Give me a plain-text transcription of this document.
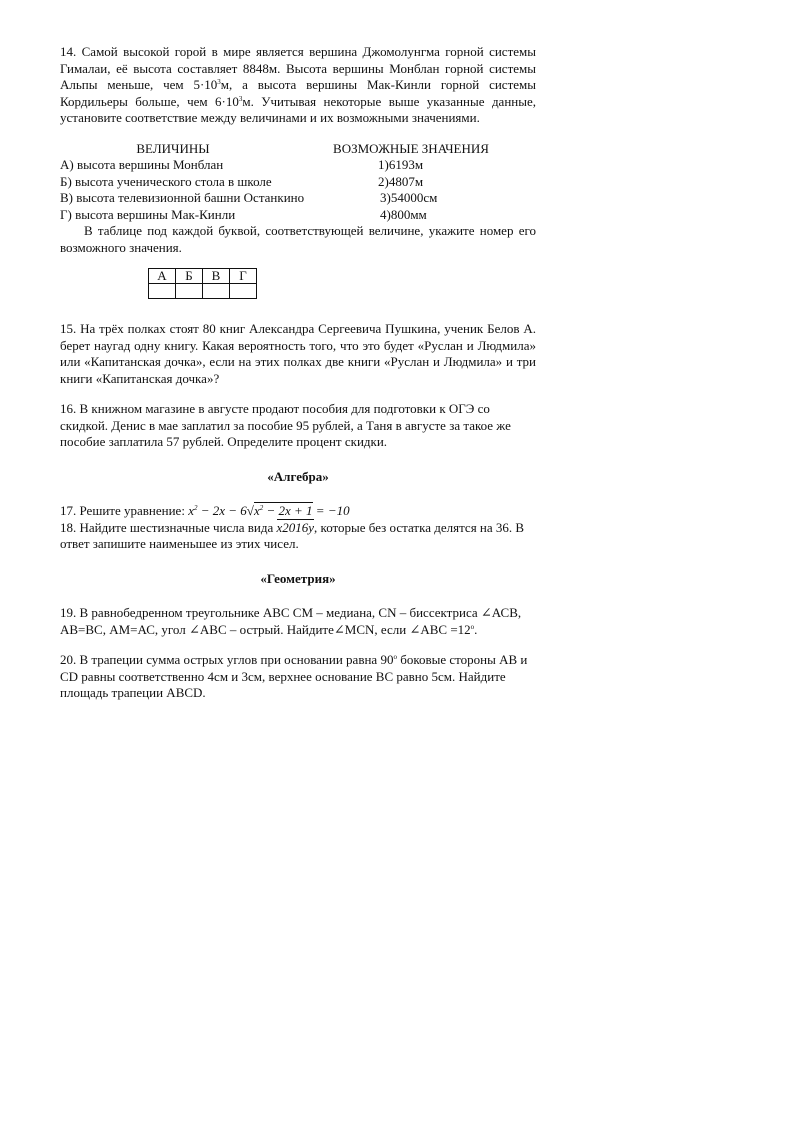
14. Самой высокой горой в мире является вершина Джомолунгма горной системы Гималаи, её высота составляет 8848м. Высота вершины Монблан горной системы Альпы меньше, чем $5\cdot 10^3м$, а высота вершины Мак-Кинли горной системы Кордильеры больше, чем $6\cdot 10^3м$. Учитывая некоторые выше указанные данные, установите соответствие между величинами и их возможными значениями.

ВЕЛИЧИНЫ	ВОЗМОЖНЫЕ ЗНАЧЕНИЯ
А) высота вершины Монблан	1)6193м
Б) высота ученического стола в школе	2)4807м
В) высота телевизионной башни Останкино	3)54000см
Г) высота вершины Мак-Кинли	4)800мм

В таблице под каждой буквой, соответствующей величине, укажите номер его возможного значения.

А	Б	В	Г

15. На трёх полках стоят 80 книг Александра Сергеевича Пушкина, ученик Белов А. берет наугад одну книгу. Какая вероятность того, что это будет «Руслан и Людмила» или «Капитанская дочка», если на этих полках две книги «Руслан и Людмила» и три книги «Капитанская дочка»?

16. В книжном магазине в августе продают пособия для подготовки к ОГЭ со скидкой. Денис в мае заплатил за пособие 95 рублей, а Таня в августе за такое же пособие заплатила 57 рублей. Определите процент скидки.

«Алгебра»

17. Решите уравнение: $x^2 - 2x - 6√x^2 - 2x + 1 = -10$

18. Найдите шестизначные числа вида x2016y, которые без остатка делятся на 36. В ответ запишите наименьшее из этих чисел.

«Геометрия»

19. В равнобедренном треугольнике АВС СМ – медиана, СN – биссектриса ∠АСВ, АВ=ВС, АМ=АС, угол ∠АВС – острый. Найдите∠МСN, если ∠АВС $=12^о$.

20. В трапеции сумма острых углов при основании равна $90^о$ боковые стороны АВ и СD равны соответственно 4см и 3см, верхнее основание ВС равно 5см. Найдите площадь трапеции АВСD.
